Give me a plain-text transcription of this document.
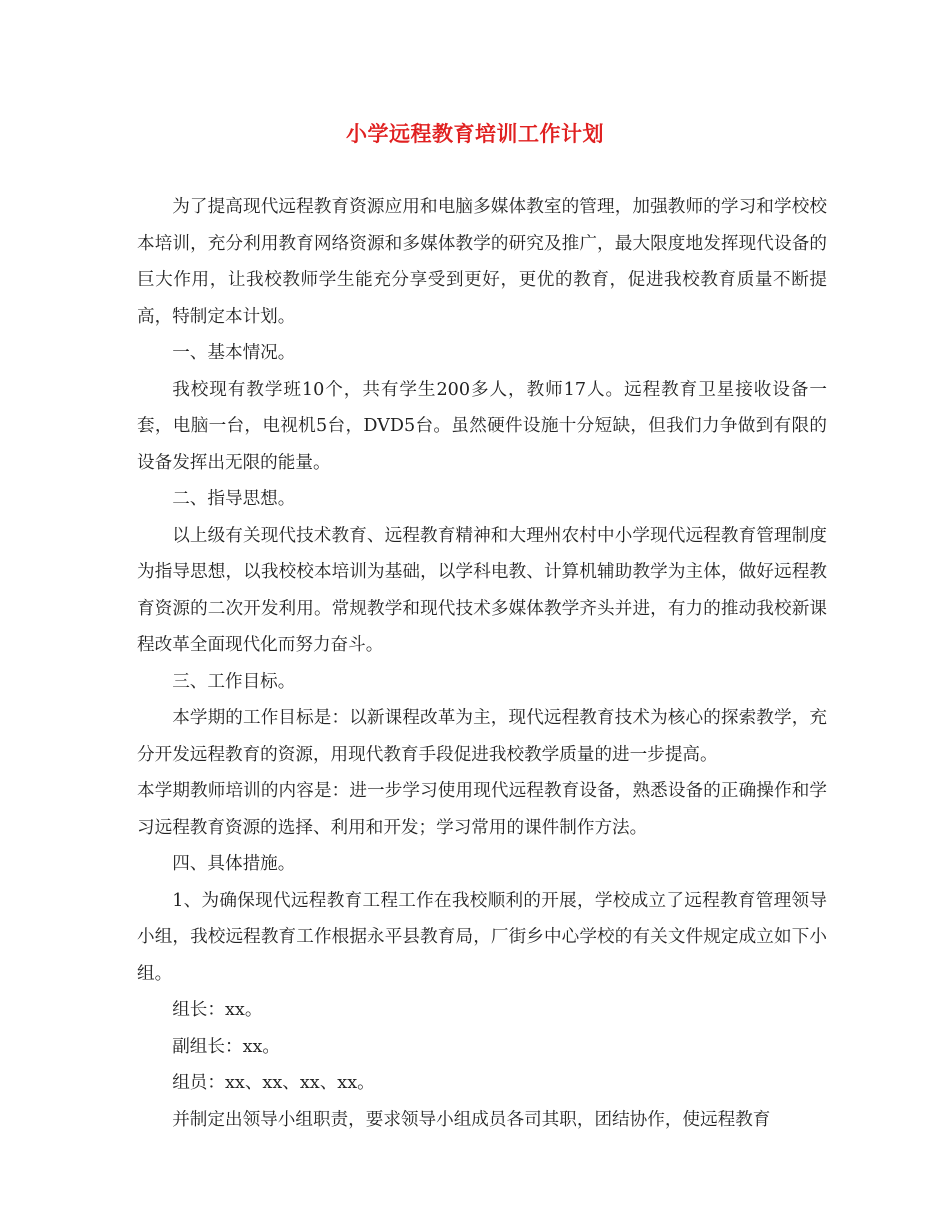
小学远程教育培训工作计划

为了提高现代远程教育资源应用和电脑多媒体教室的管理，加强教师的学习和学校校本培训，充分利用教育网络资源和多媒体教学的研究及推广，最大限度地发挥现代设备的巨大作用，让我校教师学生能充分享受到更好，更优的教育，促进我校教育质量不断提高，特制定本计划。

一、基本情况。

我校现有教学班10个，共有学生200多人，教师17人。远程教育卫星接收设备一套，电脑一台，电视机5台，DVD5台。虽然硬件设施十分短缺，但我们力争做到有限的设备发挥出无限的能量。

二、指导思想。

以上级有关现代技术教育、远程教育精神和大理州农村中小学现代远程教育管理制度为指导思想，以我校校本培训为基础，以学科电教、计算机辅助教学为主体，做好远程教育资源的二次开发利用。常规教学和现代技术多媒体教学齐头并进，有力的推动我校新课程改革全面现代化而努力奋斗。

三、工作目标。

本学期的工作目标是：以新课程改革为主，现代远程教育技术为核心的探索教学，充分开发远程教育的资源，用现代教育手段促进我校教学质量的进一步提高。

本学期教师培训的内容是：进一步学习使用现代远程教育设备，熟悉设备的正确操作和学习远程教育资源的选择、利用和开发；学习常用的课件制作方法。

四、具体措施。

1、为确保现代远程教育工程工作在我校顺利的开展，学校成立了远程教育管理领导小组，我校远程教育工作根据永平县教育局，厂街乡中心学校的有关文件规定成立如下小组。

组长：xx。

副组长：xx。

组员：xx、xx、xx、xx。

并制定出领导小组职责，要求领导小组成员各司其职，团结协作，使远程教育
